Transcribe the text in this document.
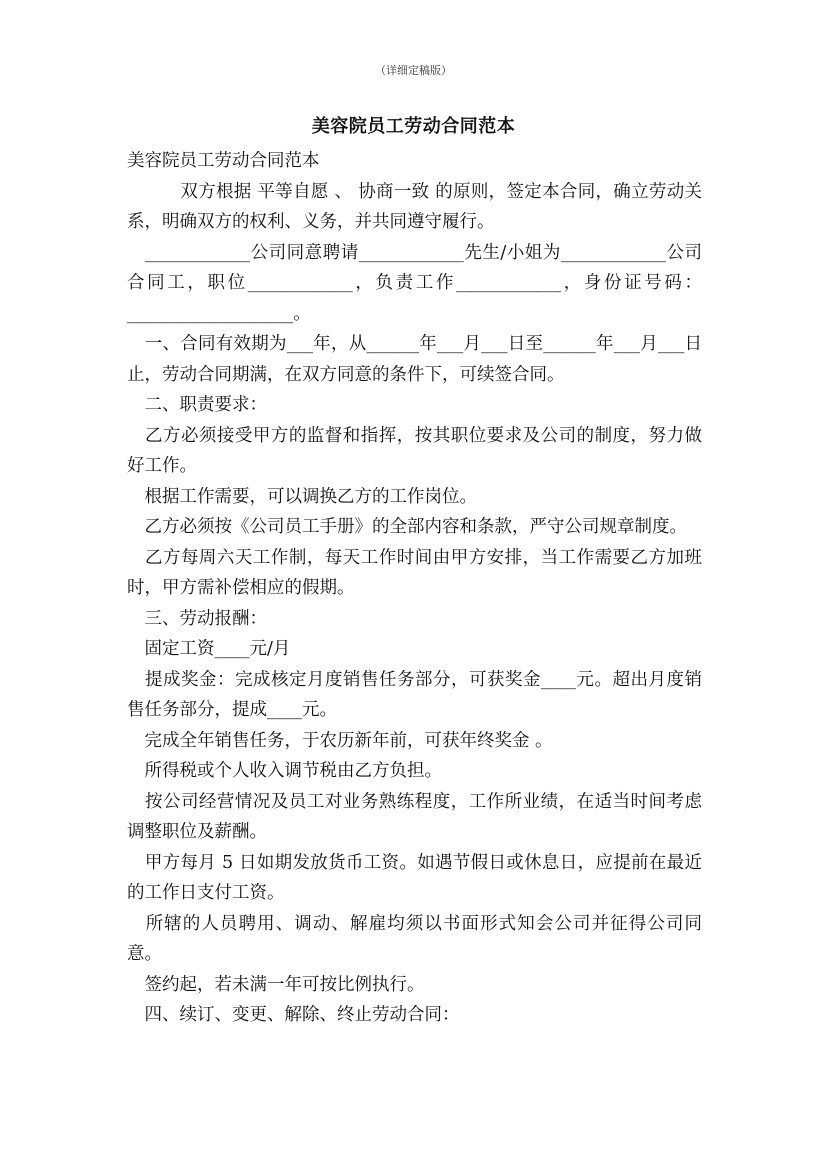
（详细定稿版）
美容院员工劳动合同范本

美容院员工劳动合同范本

　　　双方根据 平等自愿 、 协商一致 的原则，签定本合同，确立劳动关系，明确双方的权利、义务，并共同遵守履行。

　____________公司同意聘请____________先生/小姐为____________公司合同工，职位____________，负责工作____________，身份证号码：___________________。

　一、合同有效期为___年，从______年___月___日至______年___月___日止，劳动合同期满，在双方同意的条件下，可续签合同。

　二、职责要求：

　乙方必须接受甲方的监督和指挥，按其职位要求及公司的制度，努力做好工作。

　根据工作需要，可以调换乙方的工作岗位。

　乙方必须按《公司员工手册》的全部内容和条款，严守公司规章制度。

　乙方每周六天工作制，每天工作时间由甲方安排，当工作需要乙方加班时，甲方需补偿相应的假期。

　三、劳动报酬：

　固定工资____元/月

　提成奖金：完成核定月度销售任务部分，可获奖金____元。超出月度销售任务部分，提成____元。

　完成全年销售任务，于农历新年前，可获年终奖金 。

　所得税或个人收入调节税由乙方负担。

　按公司经营情况及员工对业务熟练程度，工作所业绩，在适当时间考虑调整职位及薪酬。

　甲方每月 5 日如期发放货币工资。如遇节假日或休息日，应提前在最近的工作日支付工资。

　所辖的人员聘用、调动、解雇均须以书面形式知会公司并征得公司同意。

　签约起，若未满一年可按比例执行。

　四、续订、变更、解除、终止劳动合同：
